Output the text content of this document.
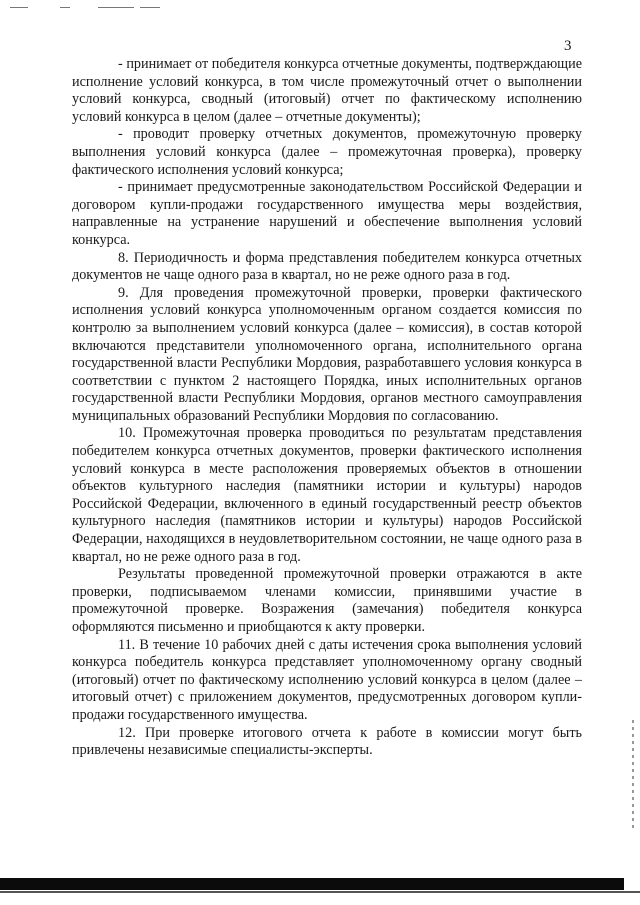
3

- принимает от победителя конкурса отчетные документы, подтверждающие исполнение условий конкурса, в том числе промежуточный отчет о выполнении условий конкурса, сводный (итоговый) отчет по фактическому исполнению условий конкурса в целом (далее – отчетные документы);

- проводит проверку отчетных документов, промежуточную проверку выполнения условий конкурса (далее – промежуточная проверка), проверку фактического исполнения условий конкурса;

- принимает предусмотренные законодательством Российской Федерации и договором купли-продажи государственного имущества меры воздействия, направленные на устранение нарушений и обеспечение выполнения условий конкурса.

8. Периодичность и форма представления победителем конкурса отчетных документов не чаще одного раза в квартал, но не реже одного раза в год.

9. Для проведения промежуточной проверки, проверки фактического исполнения условий конкурса уполномоченным органом создается комиссия по контролю за выполнением условий конкурса (далее – комиссия), в состав которой включаются представители уполномоченного органа, исполнительного органа государственной власти Республики Мордовия, разработавшего условия конкурса в соответствии с пунктом 2 настоящего Порядка, иных исполнительных органов государственной власти Республики Мордовия, органов местного самоуправления муниципальных образований Республики Мордовия по согласованию.

10. Промежуточная проверка проводиться по результатам представления победителем конкурса отчетных документов, проверки фактического исполнения условий конкурса в месте расположения проверяемых объектов в отношении объектов культурного наследия (памятники истории и культуры) народов Российской Федерации, включенного в единый государственный реестр объектов культурного наследия (памятников истории и культуры) народов Российской Федерации, находящихся в неудовлетворительном состоянии, не чаще одного раза в квартал, но не реже одного раза в год.

Результаты проведенной промежуточной проверки отражаются в акте проверки, подписываемом членами комиссии, принявшими участие в промежуточной проверке. Возражения (замечания) победителя конкурса оформляются письменно и приобщаются к акту проверки.

11. В течение 10 рабочих дней с даты истечения срока выполнения условий конкурса победитель конкурса представляет уполномоченному органу сводный (итоговый) отчет по фактическому исполнению условий конкурса в целом (далее – итоговый отчет) с приложением документов, предусмотренных договором купли-продажи государственного имущества.

12. При проверке итогового отчета к работе в комиссии могут быть привлечены независимые специалисты-эксперты.
